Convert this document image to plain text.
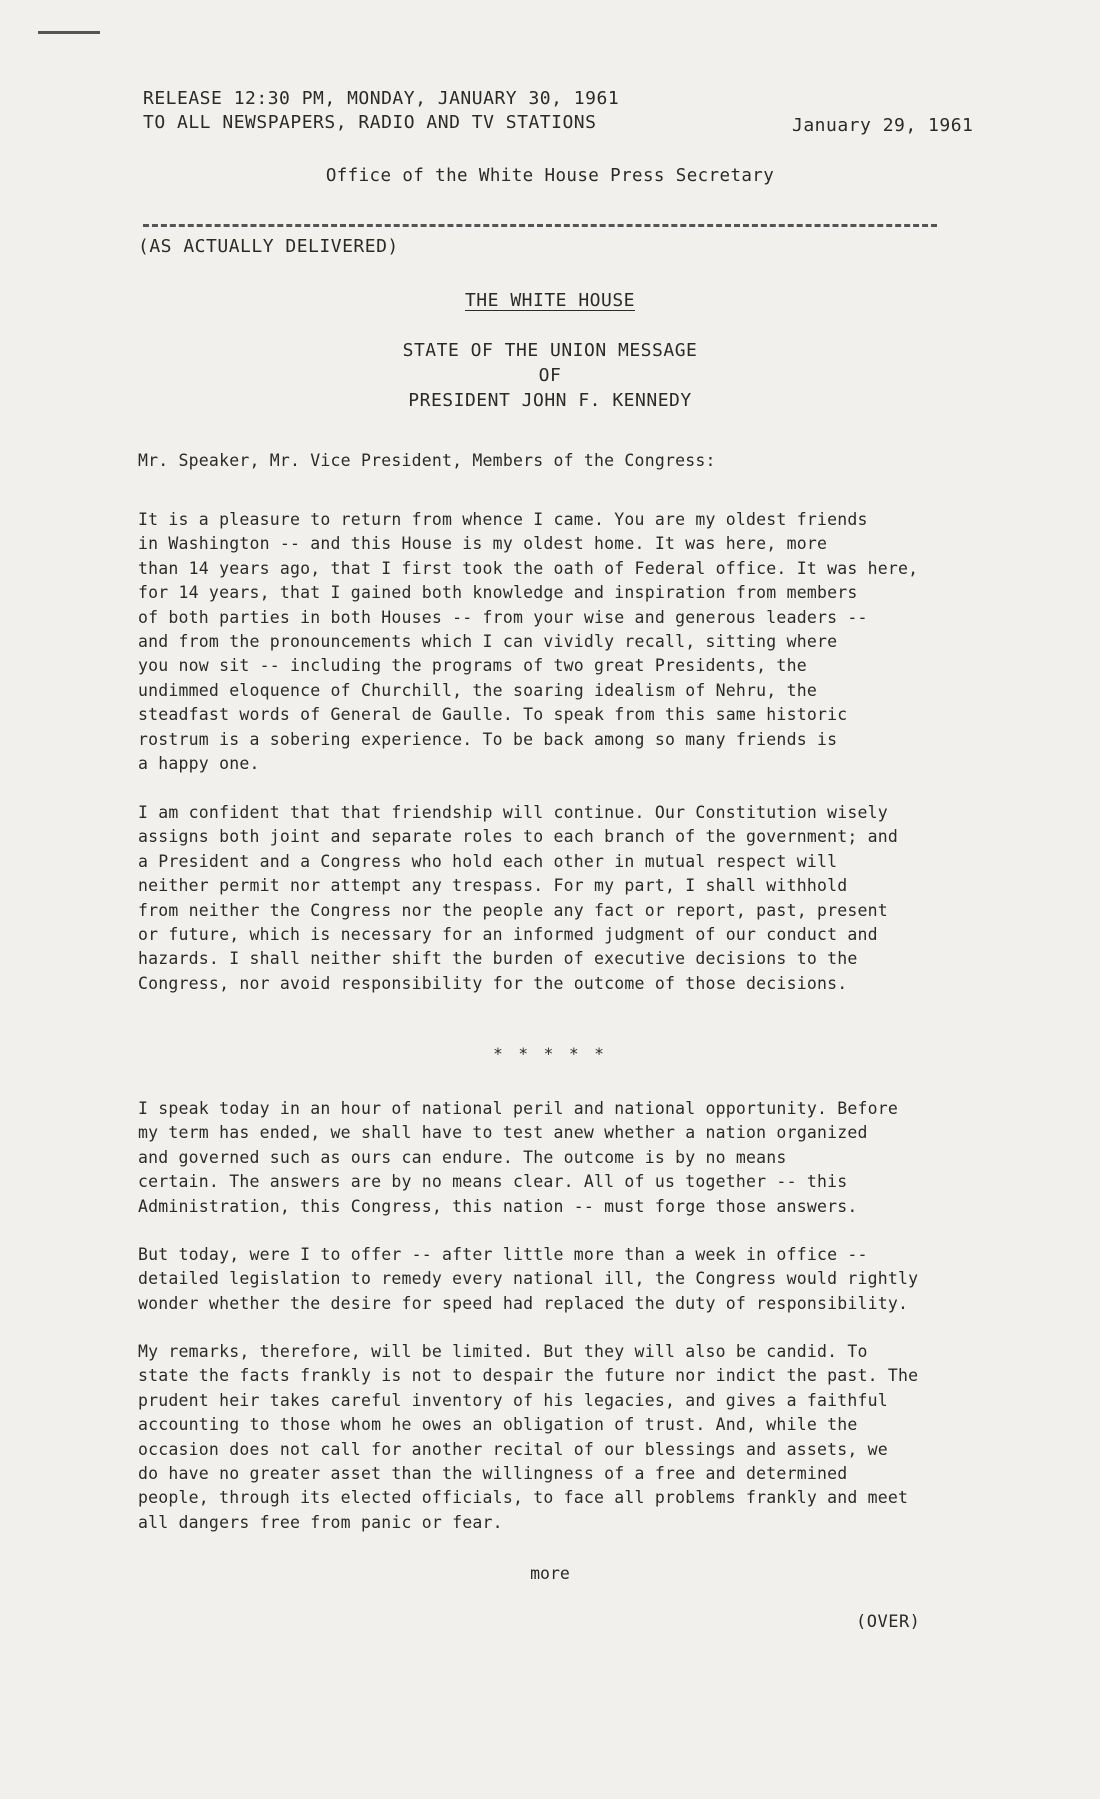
RELEASE 12:30 PM, MONDAY, JANUARY 30, 1961
TO ALL NEWSPAPERS, RADIO AND TV STATIONS	January 29, 1961
Office of the White House Press Secretary
(AS ACTUALLY DELIVERED)
THE WHITE HOUSE
STATE OF THE UNION MESSAGE
OF
PRESIDENT JOHN F. KENNEDY
Mr. Speaker, Mr. Vice President, Members of the Congress:
It is a pleasure to return from whence I came. You are my oldest friends
in Washington -- and this House is my oldest home. It was here, more
than 14 years ago, that I first took the oath of Federal office. It was here,
for 14 years, that I gained both knowledge and inspiration from members
of both parties in both Houses -- from your wise and generous leaders --
and from the pronouncements which I can vividly recall, sitting where
you now sit -- including the programs of two great Presidents, the
undimmed eloquence of Churchill, the soaring idealism of Nehru, the
steadfast words of General de Gaulle. To speak from this same historic
rostrum is a sobering experience. To be back among so many friends is
a happy one.
I am confident that that friendship will continue. Our Constitution wisely
assigns both joint and separate roles to each branch of the government; and
a President and a Congress who hold each other in mutual respect will
neither permit nor attempt any trespass. For my part, I shall withhold
from neither the Congress nor the people any fact or report, past, present
or future, which is necessary for an informed judgment of our conduct and
hazards. I shall neither shift the burden of executive decisions to the
Congress, nor avoid responsibility for the outcome of those decisions.
* * * * *
I speak today in an hour of national peril and national opportunity. Before
my term has ended, we shall have to test anew whether a nation organized
and governed such as ours can endure. The outcome is by no means
certain. The answers are by no means clear. All of us together -- this
Administration, this Congress, this nation -- must forge those answers.
But today, were I to offer -- after little more than a week in office --
detailed legislation to remedy every national ill, the Congress would rightly
wonder whether the desire for speed had replaced the duty of responsibility.
My remarks, therefore, will be limited. But they will also be candid. To
state the facts frankly is not to despair the future nor indict the past. The
prudent heir takes careful inventory of his legacies, and gives a faithful
accounting to those whom he owes an obligation of trust. And, while the
occasion does not call for another recital of our blessings and assets, we
do have no greater asset than the willingness of a free and determined
people, through its elected officials, to face all problems frankly and meet
all dangers free from panic or fear.
more
(OVER)
